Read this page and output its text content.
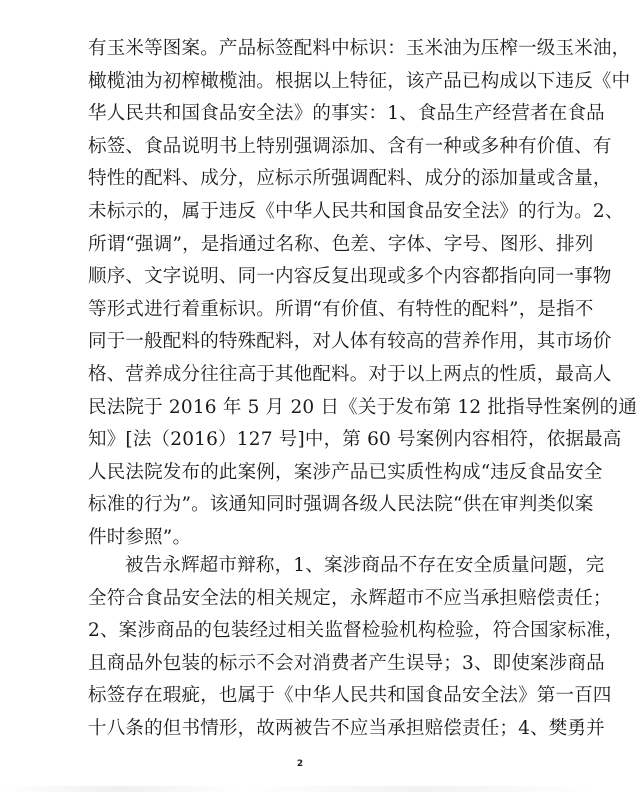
有玉米等图案。产品标签配料中标识：玉米油为压榨一级玉米油，
橄榄油为初榨橄榄油。根据以上特征，该产品已构成以下违反《中
华人民共和国食品安全法》的事实：1、食品生产经营者在食品
标签、食品说明书上特别强调添加、含有一种或多种有价值、有
特性的配料、成分，应标示所强调配料、成分的添加量或含量，
未标示的，属于违反《中华人民共和国食品安全法》的行为。2、
所谓“强调”，是指通过名称、色差、字体、字号、图形、排列
顺序、文字说明、同一内容反复出现或多个内容都指向同一事物
等形式进行着重标识。所谓“有价值、有特性的配料”，是指不
同于一般配料的特殊配料，对人体有较高的营养作用，其市场价
格、营养成分往往高于其他配料。对于以上两点的性质，最高人
民法院于 2016 年 5 月 20 日《关于发布第 12 批指导性案例的通
知》[法（2016）127 号]中，第 60 号案例内容相符，依据最高
人民法院发布的此案例，案涉产品已实质性构成“违反食品安全
标准的行为”。该通知同时强调各级人民法院“供在审判类似案
件时参照”。
被告永辉超市辩称，1、案涉商品不存在安全质量问题，完
全符合食品安全法的相关规定，永辉超市不应当承担赔偿责任；
2、案涉商品的包装经过相关监督检验机构检验，符合国家标准，
且商品外包装的标示不会对消费者产生误导；3、即使案涉商品
标签存在瑕疵，也属于《中华人民共和国食品安全法》第一百四
十八条的但书情形，故两被告不应当承担赔偿责任；4、樊勇并
2
